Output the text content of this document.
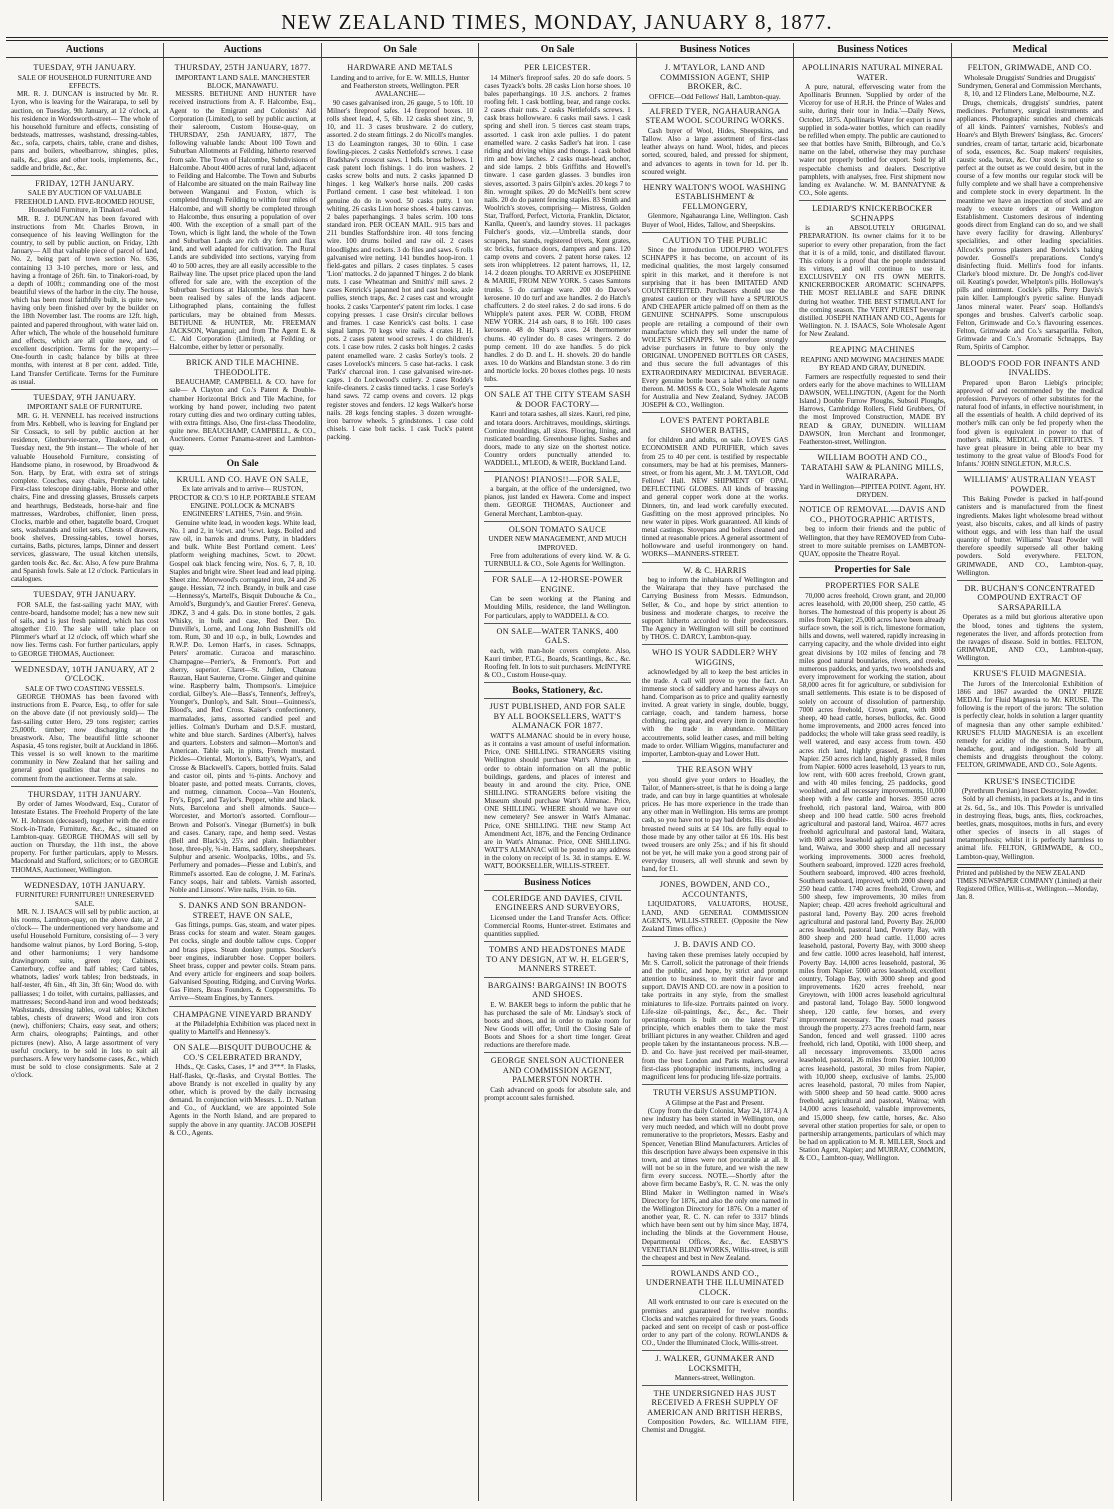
NEW ZEALAND TIMES, MONDAY, JANUARY 8, 1877.
Auctions
TUESDAY, 9TH JANUARY.
SALE OF HOUSEHOLD FURNITURE AND EFFECTS.
MR. R. J. DUNCAN is instructed by Mr. R. Lyon, who is leaving for the Wairarapa, to sell by auction, on Tuesday, 9th January, at 12 o'clock, at his residence in Wordsworth-street— The whole of his household furniture and effects, consisting of bedsteads, mattresses, washstand, dressing-tables, &c., sofa, carpets, chairs, table, crane and dishes, pans and boilers, wheelbarrow, shingles, piles, nails, &c., glass and other tools, implements, &c., saddle and bridle, &c., &c.
FRIDAY, 12TH JANUARY.
SALE BY AUCTION OF VALUABLE FREEHOLD LAND. FIVE-ROOMED HOUSE, Household Furniture, in Tinakori-road.
MR. R. J. DUNCAN has been favored with instructions from Mr. Charles Brown, in consequence of his leaving Wellington for the country, to sell by public auction, on Friday, 12th January— All that valuable piece of parcel of land, No. 2, being part of town section No. 636, containing 13 3-10 perches, more or less, and having a frontage of 26ft. 6in. to Tinakori-road, by a depth of 100ft.; commanding one of the most beautiful views of the harbor in the city. The house, which has been most faithfully built, is quite new, having only been finished over by the builder on the 18th November last. The rooms are 12ft. high, painted and papered throughout, with water laid on. After which, The whole of the household furniture and effects, which are all quite new, and of excellent description. Terms for the property:—One-fourth in cash; balance by bills at three months, with interest at 8 per cent. added. Title, Land Transfer Certificate. Terms for the Furniture as usual.
TUESDAY, 9TH JANUARY.
IMPORTANT SALE OF FURNITURE.
MR. G. H. VENNELL has received instructions from Mrs. Kebbell, who is leaving for England per Sir Cossack, to sell by public auction at her residence, Glenburvie-terrace, Tinakori-road, on Tuesday next, the 9th instant— The whole of her valuable Household Furniture, consisting of Handsome piano, in rosewood, by Broadwood & Son. Harp, by Erat, with extra set of strings complete. Couches, easy chairs, Pembroke table, First-class telescope dining-table, Horse and other chairs, Fine and dressing glasses, Brussels carpets and hearthrugs, Bedsteads, horse-hair and fine mattresses, Wardrobes, chiffonier, linen press, Clocks, marble and other, bagatelle board, Croquet sets, washstands and toilet sets, Chests of drawers, book shelves, Dressing-tables, towel horses, curtains, Baths, pictures, lamps, Dinner and dessert services, glassware, The usual kitchen utensils, garden tools &c. &c. &c. Also, A few pure Brahma and Spanish fowls. Sale at 12 o'clock. Particulars in catalogues.
TUESDAY, 9TH JANUARY.
FOR SALE, the fast-sailing yacht MAY, with centre-board, handsome model; has a new new suit of sails, and is just fresh painted, which has cost altogether £10. The sale will take place on Plimmer's wharf at 12 o'clock, off which wharf she now lies. Terms cash. For further particulars, apply to GEORGE THOMAS, Auctioneer.
WEDNESDAY, 10TH JANUARY, AT 2 O'CLOCK.
SALE OF TWO COASTING VESSELS.
GEORGE THOMAS has been favored with instructions from E. Pearce, Esq., to offer for sale on the above date (if not previously sold)— The fast-sailing cutter Hero, 29 tons register; carries 25,000ft. timber; now discharging at the breastwork. Also, The beautiful little schooner Aspasia, 45 tons register, built at Auckland in 1866. This vessel is so well known to the maritime community in New Zealand that her sailing and general good qualities that she requires no comment from the auctioneer. Terms at sale.
THURSDAY, 11TH JANUARY.
By order of James Woodward, Esq., Curator of Intestate Estates. The Freehold Property of the late W. H. Johnson (deceased), together with the entire Stock-in-Trade, Furniture, &c., &c., situated on Lambton-quay. GEORGE THOMAS will sell by auction on Thursday, the 11th inst., the above property. For further particulars, apply to Messrs. Macdonald and Stafford, solicitors; or to GEORGE THOMAS, Auctioneer, Wellington.
WEDNESDAY, 10TH JANUARY.
FURNITURE! FURNITURE!! UNRESERVED SALE.
MR. N. J. ISAACS will sell by public auction, at his rooms, Lambton-quay, on the above date, at 2 o'clock— The undermentioned very handsome and useful Household Furniture, consisting of— 3 very handsome walnut pianos, by Lord Boring, 5-stop, and other harmoniums; 1 very handsome drawingroom suite, green rep; Cabinets, Canterbury, coffee and half tables; Card tables, whatnots, ladies' work tables; Iron bedsteads, in half-tester, 4ft 6in., 4ft 3in, 3ft 6in; Wood do. with palliasses; 1 do toilet, with curtains, palliasses, and mattresses; Second-hand iron and wood bedsteads; Washstands, dressing tables, oval tables; Kitchen tables, chests of drawers; Wood and iron cots (new), chiffoniers; Chairs, easy seat, and others; Arm chairs, oleographs; Paintings, and other pictures (new). Also, A large assortment of very useful crockery, to be sold in lots to suit all purchasers. A few very handsome cases, &c., which must be sold to close consignments. Sale at 2 o'clock.
Auctions
THURSDAY, 25TH JANUARY, 1877.
IMPORTANT LAND SALE. MANCHESTER BLOCK, MANAWATU.
MESSRS. BETHUNE AND HUNTER have received instructions from A. F. Halcombe, Esq., Agent to the Emigrant and Colonists' Aid Corporation (Limited), to sell by public auction, at their saleroom, Custom House-quay, on THURSDAY, 25th JANUARY, 1877, The following valuable lands: About 100 Town and Suburban Allotments at Feilding, hitherto reserved from sale. The Town of Halcombe, Subdivisions of Halcombe. About 4000 acres of rural land, adjacent to Feilding and Halcombe. The Town and Suburbs of Halcombe are situated on the main Railway line between Wanganui and Foxton, which is completed through Feilding to within four miles of Halcombe, and will shortly be completed through to Halcombe, thus ensuring a population of over 400. With the exception of a small part of the Town, which is light land, the whole of the Town and Suburban Lands are rich dry fern and flax land, and well adapted for cultivation. The Rural Lands are subdivided into sections, varying from 40 to 500 acres, they are all easily accessible to the Railway line. The upset price placed upon the land offered for sale are, with the exception of the Suburban Sections at Halcombe, less than have been realised by sales of the lands adjacent. Lithographed plans, containing the fullest particulars, may be obtained from Messrs. BETHUNE & HUNTER, Mr. FREEMAN JACKSON, Wanganui; and from The Agent E. & C. Aid Corporation (Limited), at Feilding or Halcombe, either by letter or personally.
BRICK AND TILE MACHINE. THEODOLITE.
BEAUCHAMP, CAMPBELL & CO. have for sale— A Clayton and Co.'s Patent & Double-chamber Horizontal Brick and Tile Machine, for working by hand power, including two patent rotary cutting dies and two ordinary cutting tables, with extra fittings. Also, One first-class Theodolite, quite new. BEAUCHAMP, CAMPBELL, & CO., Auctioneers. Corner Panama-street and Lambton-quay.
On Sale
KRULL AND CO. HAVE ON SALE,
Ex late arrivals and to arrive— RUSTON, PROCTOR & CO.'S 10 H.P. PORTABLE STEAM ENGINE. POLLOCK & MCNAB'S ENGINEERS' LATHES, 7½in. and 9½in.
Genuine white lead, in wooden kegs. White lead, No. 1 and 2, in ¼cwt. and ½cwt. kegs. Boiled and raw oil, in barrels and drums. Putty, in bladders and bulk. White Best Portland cement. Lees' platform weighing machines, 5cwt. to 20cwt. Gospel oak black fencing wire, Nos. 6, 7, 8, 10. Staples and bright wire. Sheet lead and lead piping. Sheet zinc. Morewood's corrugated iron, 24 and 26 gauge. Hessian, 72 inch. Brandy, in bulk and case—Hennessy's, Martell's, Bisquit Dubouche & Co., Arnold's, Burgundy's, and Gautier Freres'. Geneva, JDKZ, 3 and 4 gals. Do. in stone bottles, 2 gals. Whisky, in bulk and case, Red Deer. Do. Dunville's, Lorne, and Long John Bushmill's old tom. Rum, 30 and 10 o.p., in bulk, Lowndes and R.W.P. Do. Lemon Hart's, in cases. Schnapps, Peters' aromatic. Curacoa and maraschino. Champagne—Perrier's, & Fremont's. Port and sherry, superior. Claret—St. Julien, Chateau Rauzan, Haut Sauterne, Crome. Ginger and quinine wine. Raspberry balm, Thompson's. Limejuice cordial, Gilbey's. Ale—Bass's, Tennent's, Jeffrey's, Younger's, Dunlop's, and Salt. Stout—Guinness's, Blood's, and Red Cross. Kaiser's confectionery, marmalades, jams, assorted candied peel and jellies. Colman's Durham and D.S.F. mustard, white and blue starch. Sardines (Albert's), halves and quarters. Lobsters and salmon—Morton's and American. Table salt, in pints, French mustard. Pickles—Oriental, Morton's, Batty's, Wyatt's, and Crosse & Blackwell's. Capers, bottled fruits. Salad and castor oil, pints and ½-pints. Anchovy and bloater paste, and potted meats. Currants, cloves, and nutmeg, cinnamon. Cocoa—Van Houten's, Fry's, Epps', and Taylor's. Pepper, white and black. Nuts, Barcelona and shell almonds. Sauce—Worcester, and Morton's assorted. Cornflour—Brown and Polson's. Vinegar (Burnett's) in bulk and cases. Canary, rape, and hemp seed. Vestas (Bell and Black's), 25's and plain. Indiarubber hose, three-ply, ¾-in. Hams, saddlery, sheepshears. Sulphur and arsenic. Woolpacks, 10lbs., and 5's. Perfumery and pomades—Piesse and Lubin's, and Rimmel's assorted. Eau de cologne, J. M. Farina's. Fancy soaps, hair and tablets. Varnish assorted, Noble and Linsons'. Wire nails, 1½in. to 6in.
S. DANKS AND SON BRANDON-STREET, HAVE ON SALE,
Gas fittings, pumps. Gas, steam, and water pipes. Brass cocks for steam and water. Steam gauges. Pet cocks, single and double tallow cups. Copper and brass pipes. Steam donkey pumps. Stocker's beer engines, indiarubber hose. Copper boilers. Sheet brass, copper and pewter coils. Steam pans. And every article for engineers and soap boilers. Galvanised Spouting, Ridging, and Curving Works. Gas Fitters, Brass Founders, & Coppersmiths. To Arrive—Steam Engines, by Tanners.
CHAMPAGNE VINEYARD BRANDY
at the Philadelphia Exhibition was placed next in quality to Martell's and Hennessy's.
ON SALE—BISQUIT DUBOUCHE & CO.'S CELEBRATED BRANDY,
Hhds., Qr. Casks, Cases, 1* and 3***. In Flasks, Half-flasks, Qr.-flasks, and Crystal Bottles. The above Brandy is not excelled in quality by any other, which is proved by the daily increasing demand. In conjunction with Messrs. L. D. Nathan and Co., of Auckland, we are appointed Sole Agents in the North Island, and are prepared to supply the above in any quantity. JACOB JOSEPH & CO., Agents.
On Sale
HARDWARE AND METALS
Landing and to arrive, for E. W. MILLS, Hunter and Featherston streets, Wellington. PER AVALANCHE—
90 cases galvanised iron, 26 gauge, 5 to 10ft. 10 Milner's fireproof safes. 14 fireproof boxes. 10 rolls sheet lead, 4, 5, 6lb. 12 casks sheet zinc, 9, 10, and 11. 3 cases brushware. 2 do cutlery, assorted. 2 do steam fittings. 2 do Nicoll's mangles. 13 do Leamington ranges, 30 to 60in. 1 case fowling-pieces. 2 casks Nettlefold's screws. 1 case Bradshaw's crosscut saws. 1 bdls. bruss bellows. 1 cask patent loch fishings. 1 do iron washers. 2 casks screw bolts and nuts. 2 casks japanned D hinges. 1 keg Walker's horse nails. 200 casks Portland cement. 1 case best whitelead. 1 ton genuine do do in wood. 50 casks putty. 1 ton whiting. 26 casks Lion horse shoes. 4 bales canvas. 2 bales paperhangings. 3 bales scrim. 100 tons standard iron. PER OCEAN MAIL. 915 bars and 211 bundles Staffordshire iron. 40 tons fencing wire. 100 drums boiled and raw oil. 2 cases bloodlights and rockets. 3 do files and saws. 6 rolls galvanised wire netting. 141 bundles hoop-iron. 1 field-gates and pillars. 2 cases tinplates. 5 cases 'Lion' mattocks. 2 do japanned T hinges. 2 do blank nuts. 1 case 'Wheatman and Smith's' mill saws. 2 cases Kenrick's japanned hot and cast hooks, axle pullies, stench traps, &c. 2 cases cast and wrought hooks. 2 casks 'Carpenter's' patent rim locks. 1 case copying presses. 1 case Orsin's circular bellows and frames. 1 case Kenrick's cast bolts. 1 case signal lamps. 70 kegs wire nails. 4 crates H. H. pots. 2 cases patent wood screws. 1 do children's cots. 1 case bow rules. 2 casks bolt hinges. 2 casks patent enamelled ware. 2 casks Sorley's tools. 2 cases Lovelock's mincers. 5 case hat-racks. 1 cask 'Park's' charcoal iron. 1 case galvanised wire-net-cages. 1 do Lockwood's cutlery. 2 cases Rodde's knife-cleaners. 2 casks tinned tacks. 1 case Sorley's hand saws. 72 camp ovens and covers. 12 pkgs register stoves and fenders. 12 kegs Walker's horse nails. 28 kegs fencing staples. 3 dozen wrought-iron barrow wheels. 5 grindstones. 1 case cold chisels. 1 case bolt tacks. 1 cask Tuck's patent packing.
On Sale
PER LEICESTER.
14 Milner's fireproof safes. 20 do safe doors. 5 cases Tyzack's bolts. 28 casks Lion horse shoes. 10 bales paperhangings. 10 J.S. anchors. 2 frames roofing felt. 1 cask bottling, bear, and range cocks. 2 cases chair nuts. 2 casks Nettlefold's screws. 1 cask brass hollowware. 6 casks mail saws. 1 cask spring and shell iron. 5 tierces cast steam traps, assorted. 1 cask iron axle pullies. 1 do patent enamelled ware. 2 casks Sadler's hat iron. 1 case riding and driving whips and thongs. 1 cask bolted rim and bow latches. 2 casks mast-head, anchor, and side lamps. 2 bbls Griffiths and Howell's tinware. 1 case garden glasses. 3 bundles iron sieves, assorted. 3 pairs Gilpin's axles. 20 kegs 7 to 8in. wrought spikes. 20 do McNeill's bent screw nails. 20 do do patent fencing staples. 83 Smith and Woolrich's stoves, comprising— Mistress, Golden Star, Trafford, Perfect, Victoria, Franklin, Dictator, Kanlla, Queen's, and laundry stoves. 11 packages Fulcher's goods, viz.—Umbrella stands, door scrapers, hat stands, registered trivets, Kent grates, stc bricks, furnace doors, dampers and pans. 120 camp ovens and covers. 2 patent horse rakes. 12 sets iron whippletrees. 12 patent harrows, 11, 12, 14. 2 dozen ploughs. TO ARRIVE ex JOSEPHINE & MARIE, FROM NEW YORK. 5 cases Samtons trunks. 5 do carriage ware. 200 do Davoe's kerosene. 10 do turf and axe handles. 2 do Hatch's chaffcutters. 2 do steel rakes. 2 do sad irons. 6 do Whipple's patent axes. PER W. COBB, FROM NEW YORK. 214 ash oars, 8 to 16ft. 100 cases kerosene. 48 do Sharp's axes. 24 thermometer churns. 40 cylinder do. 8 cases wringers. 2 do pump cement. 10 do axe handles. 5 do pick handles. 2 do D. and L. H. shovels. 20 do handle axes. 10 do Watkins and Blandstan stone. 3 do rim and morticle locks. 20 boxes clothes pegs. 10 nests tubs.
ON SALE AT THE CITY STEAM SASH & DOOR FACTORY—
Kauri and totara sashes, all sizes. Kauri, red pine, and totara doors. Architraves, mouldings, skirtings. Cornice mouldings, all sizes. Flooring, lining, and rusticated boarding. Greenhouse lights. Sashes and doors, made to any size on the shortest notice. Country orders punctually attended to. WADDELL, M'LEOD, & WEIR, Buckland Land.
PIANOS! PIANOS!!—FOR SALE,
a bargain, at the office of the undersigned, two pianos, just landed ex Hawera. Come and inspect them. GEORGE THOMAS, Auctioneer and General Merchant, Lambton-quay.
OLSON TOMATO SAUCE
UNDER NEW MANAGEMENT, AND MUCH IMPROVED.
Free from adulterations of every kind. W. & G. TURNBULL & CO., Sole Agents for Wellington.
FOR SALE—A 12-HORSE-POWER ENGINE.
Can be seen working at the Planing and Moulding Mills, residence, the land Wellington. For particulars, apply to WADDELL & CO.
ON SALE—WATER TANKS, 400 GALS.
each, with man-hole covers complete. Also, Kauri timber, P.T.G., Boards, Scantlings, &c., &c. Roofing felt. In lots to suit purchasers. McINTYRE & CO., Custom House-quay.
Books, Stationery, &c.
JUST PUBLISHED, AND FOR SALE BY ALL BOOKSELLERS, WATT'S ALMANACK FOR 1877.
WATT'S ALMANAC should be in every house, as it contains a vast amount of useful information. Price, ONE SHILLING. STRANGERS visiting Wellington should purchase Watt's Almanac, in order to obtain information on all the public buildings, gardens, and places of interest and beauty in and around the city. Price, ONE SHILLING. STRANGERS before visiting the Museum should purchase Watt's Almanac. Price, ONE SHILLING. WHERE should we have our new cemetery? See answer in Watt's Almanac. Price, ONE SHILLING. THE new Stamp Act Amendment Act, 1876, and the Fencing Ordinance are in Watt's Almanac. Price, ONE SHILLING. WATT'S ALMANAC will be posted to any address in the colony on receipt of 1s. 3d. in stamps. E. W. WATT, BOOKSELLER, WILLIS-STREET.
Business Notices
COLERIDGE AND DAVIES, CIVIL ENGINEERS AND SURVEYORS,
Licensed under the Land Transfer Acts. Office: Commercial Rooms, Hunter-street. Estimates and quantities supplied.
TOMBS AND HEADSTONES MADE TO ANY DESIGN, AT W. H. ELGER'S, MANNERS STREET.
BARGAINS! BARGAINS! IN BOOTS AND SHOES.
E. W. BAKER begs to inform the public that he has purchased the sale of Mr. Lindsay's stock of boots and shoes, and in order to make room for New Goods will offer, Until the Closing Sale of Boots and Shoes for a short time longer. Great reductions are therefore made.
GEORGE SNELSON AUCTIONEER AND COMMISSION AGENT, PALMERSTON NORTH.
Cash advanced on goods for absolute sale, and prompt account sales furnished.
Business Notices
J. M'TAYLOR, LAND AND COMMISSION AGENT, SHIP BROKER, &C.
OFFICE—Odd Fellows' Hall, Lambton-quay.
ALFRED TYER, NGAHAURANGA STEAM WOOL SCOURING WORKS.
Cash buyer of Wool, Hides, Sheepskins, and Tallow. Also a large assortment of first-class leather always on hand. Wool, hides, and pieces sorted, scoured, baled, and pressed for shipment, and advances to agents in town for 1d. per lb. scoured weight.
HENRY WALTON'S WOOL WASHING ESTABLISHMENT & FELLMONGERY,
Glenmore, Ngahauranga Line, Wellington. Cash Buyer of Wool, Hides, Tallow, and Sheepskins.
CAUTION TO THE PUBLIC
Since the introduction UDOLPHO WOLFE'S SCHNAPPS it has become, on account of its medicinal qualities, the most largely consumed spirit in this market, and it therefore is not surprising that it has been IMITATED AND COUNTERFEITED. Purchasers should use the greatest caution or they will have a SPURIOUS AND CHEAPER article palmed off on them as the GENUINE SCHNAPPS. Some unscrupulous people are retailing a compound of their own manufacture which they sell under the name of WOLFE'S SCHNAPPS. We therefore strongly advise purchasers in future to buy only the ORIGINAL UNOPENED BOTTLES OR CASES, and thus secure the full advantages of this EXTRAORDINARY MEDICINAL BEVERAGE. Every genuine bottle bears a label with our name thereon. M. MOSS & CO., Sole Wholesale Agents for Australia and New Zealand, Sydney. JACOB JOSEPH & CO., Wellington.
LOVE'S PATENT PORTABLE SHOWER BATHS,
for children and adults, on sale. LOVE'S GAS ECONOMISER AND PURIFIER, which saves from 25 to 40 per cent. is testified by respectable consumers, may be had at his premises, Manners-street, or from his agent, Mr. J. M. TAYLOR, Odd Fellows' Hall. NEW SHIPMENT OF OPAL DEFLECTING GLOBES. All kinds of brassing and general copper work done at the works. Dinners, tin, and lead work carefully executed. Gasfitting on the most approved principles. No new water in pipes. Work guaranteed. All kinds of metal castings. Stovepans and boilers cleaned and tinned at reasonable prices. A general assortment of hollowware and useful ironmongery on hand. WORKS—MANNERS-STREET.
W. & C. HARRIS
beg to inform the inhabitants of Wellington and the Wairarapa that they have purchased the Carrying Business from Messrs. Edmundson, Seller, & Co., and hope by strict attention to business and moderate charges, to receive the support hitherto accorded to their predecessors. The Agency in Wellington will still be continued by THOS. C. DARCY, Lambton-quay.
WHO IS YOUR SADDLER? WHY WIGGINS,
acknowledged by all to keep the best articles in the trade. A call will prove to you the fact. An immense stock of saddlery and harness always on hand. Comparison as to price and quality earnestly invited. A great variety in single, double, buggy, carriage, coach, and tandem harness, horse clothing, racing gear, and every item in connection with the trade in abundance. Military accoutrements, solid leather cases, and mill belting made to order. William Wiggins, manufacturer and importer, Lambton-quay and Lower Hutt.
THE REASON WHY
you should give your orders to Hoadley, the Tailor, of Manners-street, is that he is doing a large trade, and can buy in large quantities at wholesale prices. He has more experience in the trade than any other man in Wellington. His terms are prompt cash, so you have not to pay bad debts. His double-breasted tweed suits at £4 10s. are fully equal to those made by any other tailor at £6 10s. His best tweed trousers are only 25s.; and if his fit should not be yet, he will make you a good strong pair of everyday trousers, all well shrunk and sewn by hand, for £1.
JONES, BOWDEN, AND CO., ACCOUNTANTS,
LIQUIDATORS, VALUATORS, HOUSE, LAND, AND GENERAL COMMISSION AGENTS, WILLIS-STREET. (Opposite the New Zealand Times office.)
J. B. DAVIS AND CO.
having taken these premises lately occupied by Mr. S. Carroll, solicit the patronage of their friends and the public, and hope, by strict and prompt attention to business, to merit their favor and support. DAVIS AND CO. are now in a position to take portraits in any style, from the smallest miniatures to life-size. Portraits painted on ivory. Life-size oil-paintings, &c., &c., &c. Their operating-room is built on the latest 'Paris' principle, which enables them to take the most brilliant pictures in any weather. Children and aged people taken by the instantaneous process. N.B.—D. and Co. have just received per mail-steamer, from the best London and Paris makers, several first-class photographic instruments, including a magnificent lens for producing life-size portraits.
TRUTH VERSUS ASSUMPTION.
A Glimpse at the Past and Present.
(Copy from the daily Colonist, May 24, 1874.) A new industry has been started in Wellington, one very much needed, and which will no doubt prove remunerative to the proprietors, Messrs. Easby and Spencer, Venetian Blind Manufacturers. Articles of this description have always been expensive in this town, and at times were not procurable at all. It will not be so in the future, and we wish the new firm every success. NOTE.—Shortly after the above firm became Easby's, R. C. N. was the only Blind Maker in Wellington named in Wise's Directory for 1876, and also the only one named in the Wellington Directory for 1876. On a matter of another year, R. C. N. can refer to 3317 blinds which have been sent out by him since May, 1874, including the blinds at the Government House, Departmental Offices, &c., &c. EASBY'S VENETIAN BLIND WORKS, Willis-street, is still the cheapest and best in New Zealand.
ROWLANDS AND CO., UNDERNEATH THE ILLUMINATED CLOCK.
All work entrusted to our care is executed on the premises and guaranteed for twelve months. Clocks and watches repaired for three years. Goods packed and sent on receipt of cash or post-office order to any part of the colony. ROWLANDS & CO., Under the Illuminated Clock, Willis-street.
J. WALKER, GUNMAKER AND LOCKSMITH,
Manners-street, Wellington.
THE UNDERSIGNED HAS JUST RECEIVED A FRESH SUPPLY OF AMERICAN AND BRITISH HERBS,
Composition Powders, &c. WILLIAM FIFE, Chemist and Druggist.
Business Notices
APOLLINARIS NATURAL MINERAL WATER.
A pure, natural, effervescing water from the Apollinaris Brunnen. 'Supplied by order of the Viceroy for use of H.R.H. the Prince of Wales and suite, during their tour in India.'—Daily News, October, 1875. Apollinaris Water for export is now supplied in soda-water bottles, which can readily be refilled when empty. The public are cautioned to see that bottles have Smith, Bilbrough, and Co.'s name on the label, otherwise they may purchase water not properly bottled for export. Sold by all respectable chemists and dealers. Descriptive pamphlets, with analyses, free. First shipment now landing ex Avalanche. W. M. BANNATYNE & CO., Sole agents.
LEDIARD'S KNICKERBOCKER SCHNAPPS
is an ABSOLUTELY ORIGINAL PREPARATION. Its owner claims for it to be superior to every other preparation, from the fact that it is of a mild, tonic, and distillated flavour. This colony is a proof that the people understand its virtues, and will continue to use it. EXCLUSIVELY ON ITS OWN MERITS. KNICKERBOCKER AROMATIC SCHNAPPS. THE MOST RELIABLE and SAFE DRINK during hot weather. THE BEST STIMULANT for the coming season. The VERY PUREST beverage distilled. JOSEPH NATHAN AND CO., Agents for Wellington. N. J. ISAACS, Sole Wholesale Agent for New Zealand.
REAPING MACHINES
REAPING AND MOWING MACHINES MADE BY READ AND GRAY, DUNEDIN.
Farmers are respectfully requested to send their orders early for the above machines to WILLIAM DAWSON, WELLINGTON, (Agent for the North Island.) Double Furrow Ploughs, Subsoil Ploughs, Harrows, Cambridge Rollers, Field Grubbers, Of the most Improved Construction, MADE BY READ & GRAY, DUNEDIN. WILLIAM DAWSON, Iron Merchant and Ironmonger, Featherston-street, Wellington.
WILLIAM BOOTH AND CO., TARATAHI SAW & PLANING MILLS, WAIRARAPA.
Yard in Wellington—PIPITEA POINT. Agent, HY. DRYDEN.
NOTICE OF REMOVAL.—DAVIS AND CO., PHOTOGRAPHIC ARTISTS,
beg to inform their friends and the public of Wellington, that they have REMOVED from Cuba-street to more suitable premises on LAMBTON-QUAY, opposite the Theatre Royal.
Properties for Sale
PROPERTIES FOR SALE
70,000 acres freehold, Crown grant, and 20,000 acres leasehold, with 20,000 sheep, 250 cattle, 45 horses. The homestead of this property is about 26 miles from Napier; 25,000 acres have been already surface sown, the soil is rich, limestone formation, hills and downs, well watered, rapidly increasing in carrying capacity, and the whole divided into eight great divisions by 102 miles of fencing and 78 miles good natural boundaries, rivers, and creeks, numerous paddocks, and yards, two woolsheds and every improvement for working the station, about 58,000 acres fit for agriculture, or subdivision for small settlements. This estate is to be disposed of solely on account of dissolution of partnership. 7000 acres freehold, Crown grant, with 8000 sheep, 40 head cattle, horses, bullocks, &c. Good home improvements, and 2000 acres fenced into paddocks; the whole will take grass seed readily, is well watered, and easy access from town. 450 acres rich land, highly grassed, 8 miles from Napier. 250 acres rich land, highly grassed, 8 miles from Napier. 6000 acres leasehold, 13 years to run, low rent, with 600 acres freehold, Crown grant, and with 40 miles fencing, 25 paddocks, good woolshed, and all necessary improvements, 10,000 sheep with a few cattle and horses. 3950 acres freehold, rich pastoral land, Wairoa, with 800 sheep and 100 head cattle. 500 acres freehold agricultural and pastoral land, Wairoa. 4677 acres freehold agricultural and pastoral land, Waitara, with 800 acres leasehold agricultural and pastoral land, Waiwa, and 3000 sheep and all necessary working improvements. 3000 acres freehold, Southern seaboard, improved. 1220 acres freehold, Southern seaboard, improved. 400 acres freehold, Southern seaboard, improved, with 2000 sheep and 250 head cattle. 1740 acres freehold, Crown, and 500 sheep, few improvements, 30 miles from Napier; cheap. 420 acres freehold agricultural and pastoral land, Poverty Bay. 200 acres freehold agricultural and pastoral land, Poverty Bay. 26,000 acres leasehold, pastoral land, Poverty Bay, with 800 sheep and 200 head cattle. 11,000 acres leasehold, pastoral, Poverty Bay, with 3000 sheep and few cattle. 1000 acres leasehold, half interest, Poverty Bay. 14,000 acres leasehold, pastoral, 36 miles from Napier. 5000 acres leasehold, excellent country, Tolago Bay, with 3000 sheep and good improvements. 1620 acres freehold, near Greytown, with 1000 acres leasehold agricultural and pastoral land, Tolago Bay. 5000 longwood sheep, 120 cattle, few horses, and every improvement necessary. The coach road passes through the property. 273 acres freehold farm, near Sandon, fenced and well grassed. 1100 acres freehold, rich land, Opotiki, with 1000 sheep, and all necessary improvements. 33,000 acres leasehold, pastoral, 26 miles from Napier. 100,000 acres leasehold, pastoral, 30 miles from Napier, with 10,000 sheep, exclusive of lambs. 25,000 acres leasehold, pastoral, 70 miles from Napier, with 5000 sheep and 50 head cattle. 9000 acres freehold, agricultural and pastoral, Wairoa; with 14,000 acres leasehold, valuable improvements, and 15,000 sheep, few cattle, horses, &c. Also several other station properties for sale, or open to partnership arrangements, particulars of which may be had on application to M. R. MILLER, Stock and Station Agent, Napier; and MURRAY, COMMON, & CO., Lambton-quay, Wellington.
Medical
FELTON, GRIMWADE, AND CO.
Wholesale Druggists' Sundries and Druggists' Sundrymen, General and Commission Merchants, 8, 10, and 12 Flinders Lane, Melbourne, N.Z.
Drugs, chemicals, druggists' sundries, patent medicines. Perfumery, surgical instruments and appliances. Photographic sundries and chemicals of all kinds. Painters' varnishes, Nobles's and Hoare's and Blyth Brewers' Isinglass, &c. Grocers' sundries, cream of tartar, tartaric acid, bicarbonate of soda, essences, &c. Soap makers' requisites, caustic soda, borax, &c. Our stock is not quite so perfect at the outset as we could desire, but in the course of a few months our regular stock will be fully complete and we shall have a comprehensive and complete stock in every department. In the meantime we have an inspection of stock and are ready to execute orders at our Wellington Establishment. Customers desirous of indenting goods direct from England can do so, and we shall have every facility for drawing. Allenburys' specialities, and other leading specialities. Allcock's porous plasters and Borwick's baking powder. Gosnell's preparations. Condy's disinfecting fluid. Mellin's food for infants. Clarke's blood mixture. Dr. De Jongh's cod-liver oil. Keating's powder, Whelpton's pills. Holloway's pills and ointment. Cockle's pills. Perry Davis's pain killer. Lamplough's pyretic saline. Hunyadi Janos mineral water. Pears' soap. Hollands's sponges and brushes. Calvert's carbolic soap. Felton, Grimwade and Co.'s flavouring essences. Felton, Grimwade and Co.'s sarsaparilla. Felton, Grimwade and Co.'s Aromatic Schnapps, Bay Rum, Spirits of Camphor.
BLOOD'S FOOD FOR INFANTS AND INVALIDS.
Prepared upon Baron Liebig's principle; approved of and recommended by the medical profession. Purveyors of other substitutes for the natural food of infants, in effective nourishment, in all the essentials of health. A child deprived of its mother's milk can only be fed properly when the food given is equivalent in power to that of mother's milk. MEDICAL CERTIFICATES. 'I have great pleasure in being able to bear my testimony to the great value of Blood's Food for Infants.' JOHN SINGLETON, M.R.C.S.
WILLIAMS' AUSTRALIAN YEAST POWDER.
This Baking Powder is packed in half-pound canisters and is manufactured from the finest ingredients. Makes light wholesome bread without yeast, also biscuits, cakes, and all kinds of pastry without eggs, and with less than half the usual quantity of butter. Williams' Yeast Powder will therefore speedily supersede all other baking powders. Sold everywhere. FELTON, GRIMWADE, AND CO., Lambton-quay, Wellington.
DR. BUCHAN'S CONCENTRATED COMPOUND EXTRACT OF SARSAPARILLA
Operates as a mild but glorious alterative upon the blood, tones and tightens the system, regenerates the liver, and affords protection from the ravages of disease. Sold in bottles. FELTON, GRIMWADE, AND CO., Lambton-quay, Wellington.
KRUSE'S FLUID MAGNESIA.
The Jurors of the Intercolonial Exhibition of 1866 and 1867 awarded the ONLY PRIZE MEDAL for Fluid Magnesia to Mr. KRUSE. The following is the report of the jurors: 'The solution is perfectly clear, holds in solution a larger quantity of magnesia than any other sample exhibited.' KRUSE'S FLUID MAGNESIA is an excellent remedy for acidity of the stomach, heartburn, headache, gout, and indigestion. Sold by all chemists and druggists throughout the colony. FELTON, GRIMWADE, AND CO., Sole Agents.
KRUSE'S INSECTICIDE
(Pyrethrum Persian) Insect Destroying Powder.
Sold by all chemists, in packets at 1s., and in tins at 2s. 6d., 5s., and 10s. This Powder is unrivalled in destroying fleas, bugs, ants, flies, cockroaches, beetles, gnats, mosquitoes, moths in furs, and every other species of insects in all stages of metamorphosis; whilst it is perfectly harmless to animal life. FELTON, GRIMWADE, & CO., Lambton-quay, Wellington.
Printed and published by the NEW ZEALAND TIMES NEWSPAPER COMPANY (Limited) at their Registered Office, Willis-st., Wellington.—Monday, Jan. 8.
